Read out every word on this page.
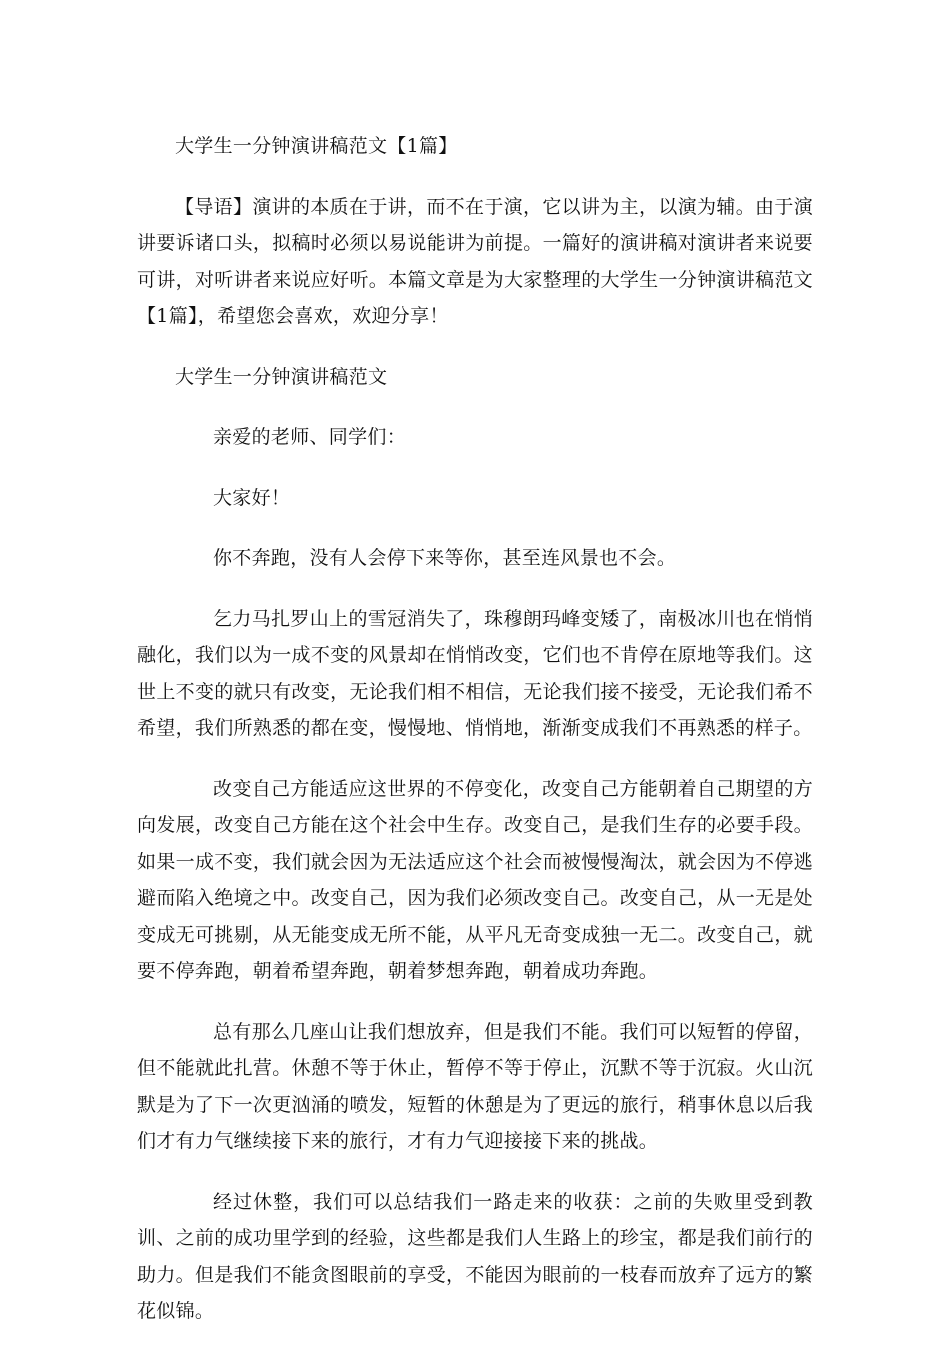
大学生一分钟演讲稿范文【1篇】

【导语】演讲的本质在于讲，而不在于演，它以讲为主，以演为辅。由于演讲要诉诸口头，拟稿时必须以易说能讲为前提。一篇好的演讲稿对演讲者来说要可讲，对听讲者来说应好听。本篇文章是为大家整理的大学生一分钟演讲稿范文【1篇】，希望您会喜欢，欢迎分享！

大学生一分钟演讲稿范文

亲爱的老师、同学们：

大家好！

你不奔跑，没有人会停下来等你，甚至连风景也不会。

乞力马扎罗山上的雪冠消失了，珠穆朗玛峰变矮了，南极冰川也在悄悄融化，我们以为一成不变的风景却在悄悄改变，它们也不肯停在原地等我们。这世上不变的就只有改变，无论我们相不相信，无论我们接不接受，无论我们希不希望，我们所熟悉的都在变，慢慢地、悄悄地，渐渐变成我们不再熟悉的样子。

改变自己方能适应这世界的不停变化，改变自己方能朝着自己期望的方向发展，改变自己方能在这个社会中生存。改变自己，是我们生存的必要手段。如果一成不变，我们就会因为无法适应这个社会而被慢慢淘汰，就会因为不停逃避而陷入绝境之中。改变自己，因为我们必须改变自己。改变自己，从一无是处变成无可挑剔，从无能变成无所不能，从平凡无奇变成独一无二。改变自己，就要不停奔跑，朝着希望奔跑，朝着梦想奔跑，朝着成功奔跑。

总有那么几座山让我们想放弃，但是我们不能。我们可以短暂的停留，但不能就此扎营。休憩不等于休止，暂停不等于停止，沉默不等于沉寂。火山沉默是为了下一次更汹涌的喷发，短暂的休憩是为了更远的旅行，稍事休息以后我们才有力气继续接下来的旅行，才有力气迎接接下来的挑战。

经过休整，我们可以总结我们一路走来的收获：之前的失败里受到教训、之前的成功里学到的经验，这些都是我们人生路上的珍宝，都是我们前行的助力。但是我们不能贪图眼前的享受，不能因为眼前的一枝春而放弃了远方的繁花似锦。
